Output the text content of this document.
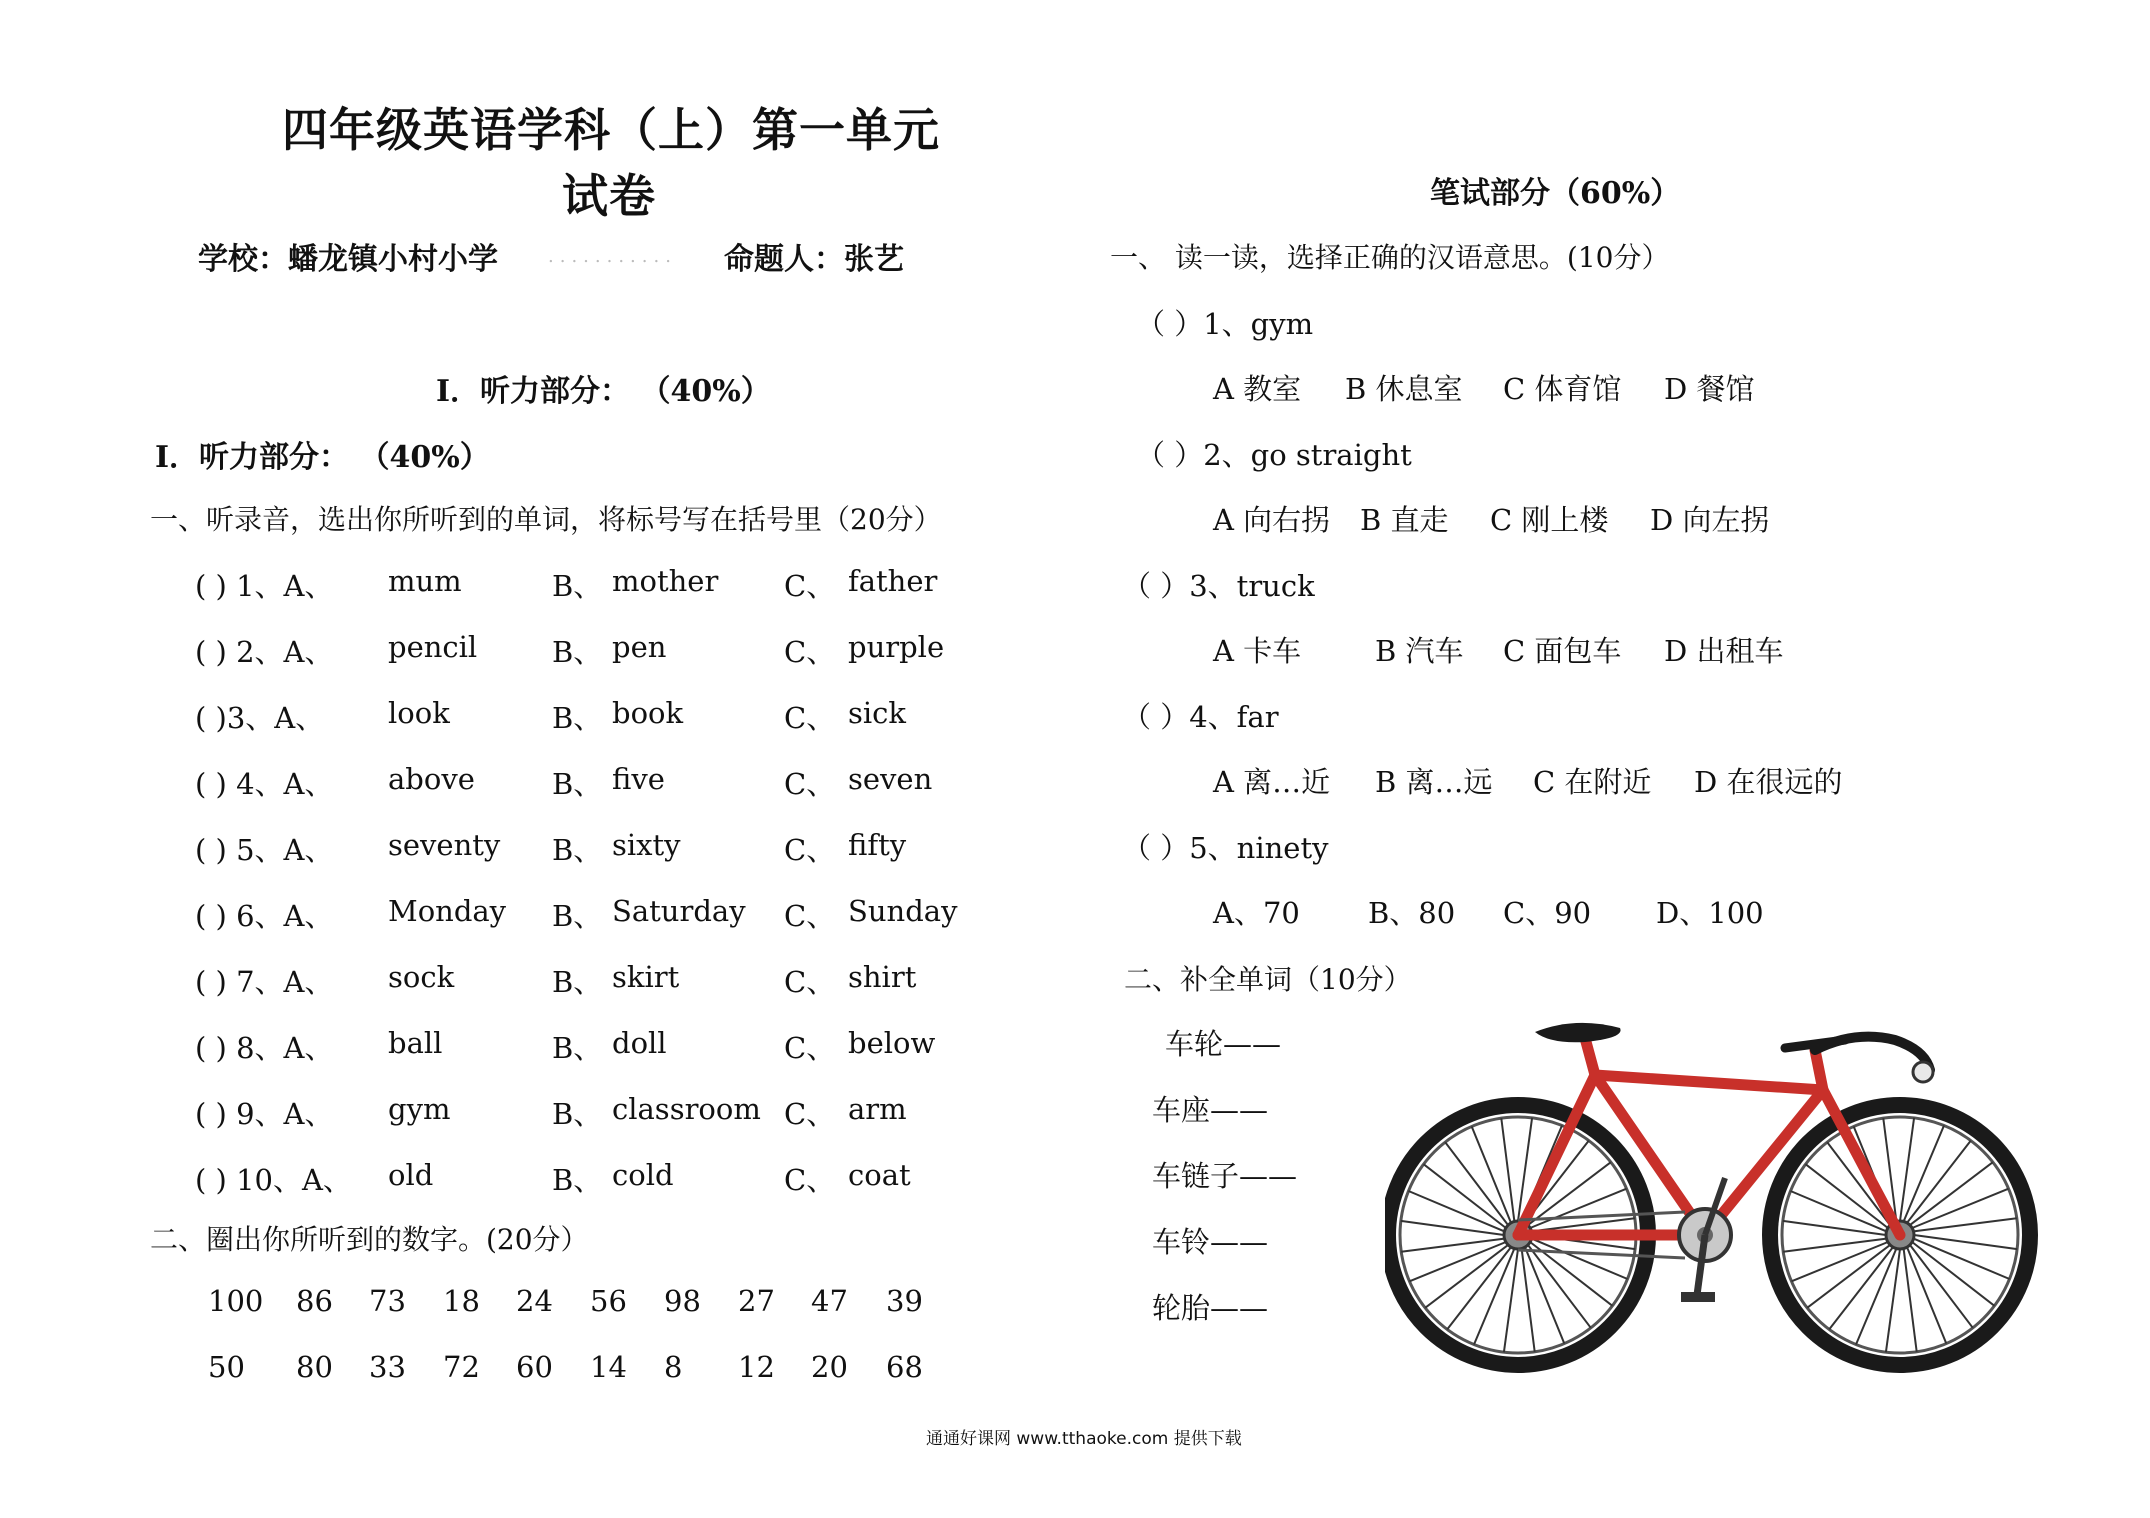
四年级英语学科（上）第一单元
试卷
学校：蟠龙镇小村小学	........... 命题人：张艺
Ⅰ．听力部分： （40%）
Ⅰ．听力部分： （40%）
一、听录音，选出你所听到的单词，将标号写在括号里（20分）
( ) 1、A、 mum	B、 mother C、 father
( ) 2、A、 pencil	B、 pen	C、 purple
( )3、A、 look	B、 book	C、 sick
( ) 4、A、 above	B、 five	C、 seven
( ) 5、A、 seventy B、 sixty	C、 fifty
( ) 6、A、 Monday B、 Saturday C、 Sunday
( ) 7、A、 sock	B、 skirt	C、 shirt
( ) 8、A、 ball	B、 doll	C、 below
( ) 9、A、 gym	B、 classroom C、 arm
( ) 10、A、 old	B、 cold	C、 coat
二、圈出你所听到的数字。(20分）
100 86 73 18 24 56 98 27 47 39
50 80 33 72 60 14 8 12 20 68
笔试部分（60%）
一、 读一读，选择正确的汉语意思。(10分）
（ ）1、gym
A 教室 B 休息室 C 体育馆 D 餐馆
（ ）2、go straight
A 向右拐 B 直走 C 刚上楼 D 向左拐
（ ）3、truck
A 卡车	B 汽车 C 面包车 D 出租车
（ ）4、far
A 离…近 B 离…远 C 在附近 D 在很远的
（ ）5、ninety
A、70 B、80 C、90 D、100
二、补全单词（10分）
车轮——
车座——
车链子——
车铃——
轮胎——
通通好课网 www.tthaoke.com 提供下载
